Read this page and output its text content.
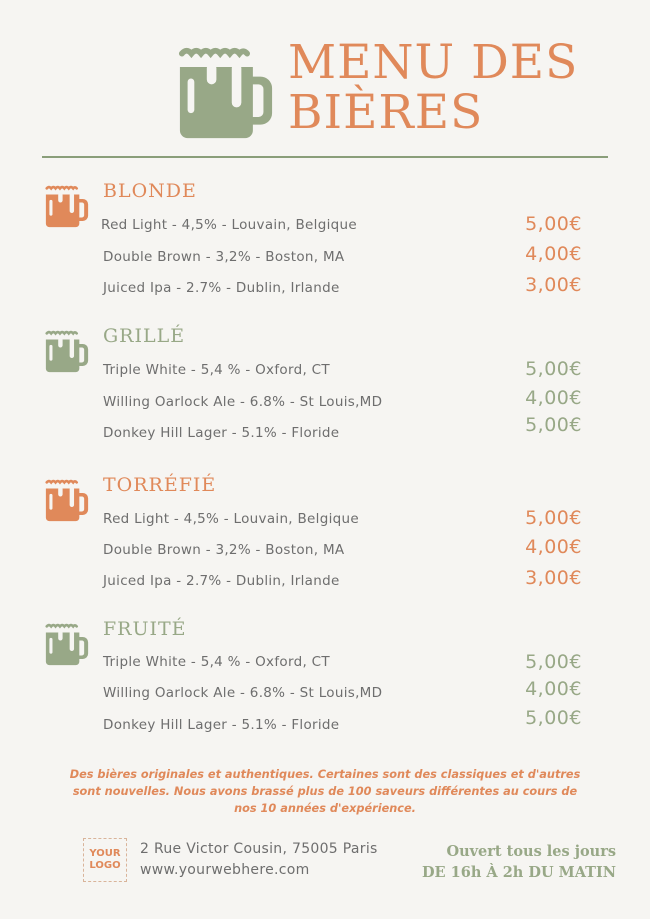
MENU DES
BIÈRES
BLONDE
Red Light - 4,5% - Louvain, Belgique	5,00€
Double Brown - 3,2% - Boston, MA	4,00€
Juiced Ipa - 2.7% - Dublin, Irlande	3,00€
GRILLÉ
Triple White - 5,4 % - Oxford, CT	5,00€
Willing Oarlock Ale - 6.8% - St Louis,MD	4,00€
Donkey Hill Lager - 5.1% - Floride	5,00€
TORRÉFIÉ
Red Light - 4,5% - Louvain, Belgique	5,00€
Double Brown - 3,2% - Boston, MA	4,00€
Juiced Ipa - 2.7% - Dublin, Irlande	3,00€
FRUITÉ
Triple White - 5,4 % - Oxford, CT	5,00€
Willing Oarlock Ale - 6.8% - St Louis,MD	4,00€
Donkey Hill Lager - 5.1% - Floride	5,00€
Des bières originales et authentiques. Certaines sont des classiques et d'autres sont nouvelles. Nous avons brassé plus de 100 saveurs différentes au cours de nos 10 années d'expérience.
YOUR
LOGO
2 Rue Victor Cousin, 75005 Paris
www.yourwebhere.com
Ouvert tous les jours
DE 16h À 2h DU MATIN
